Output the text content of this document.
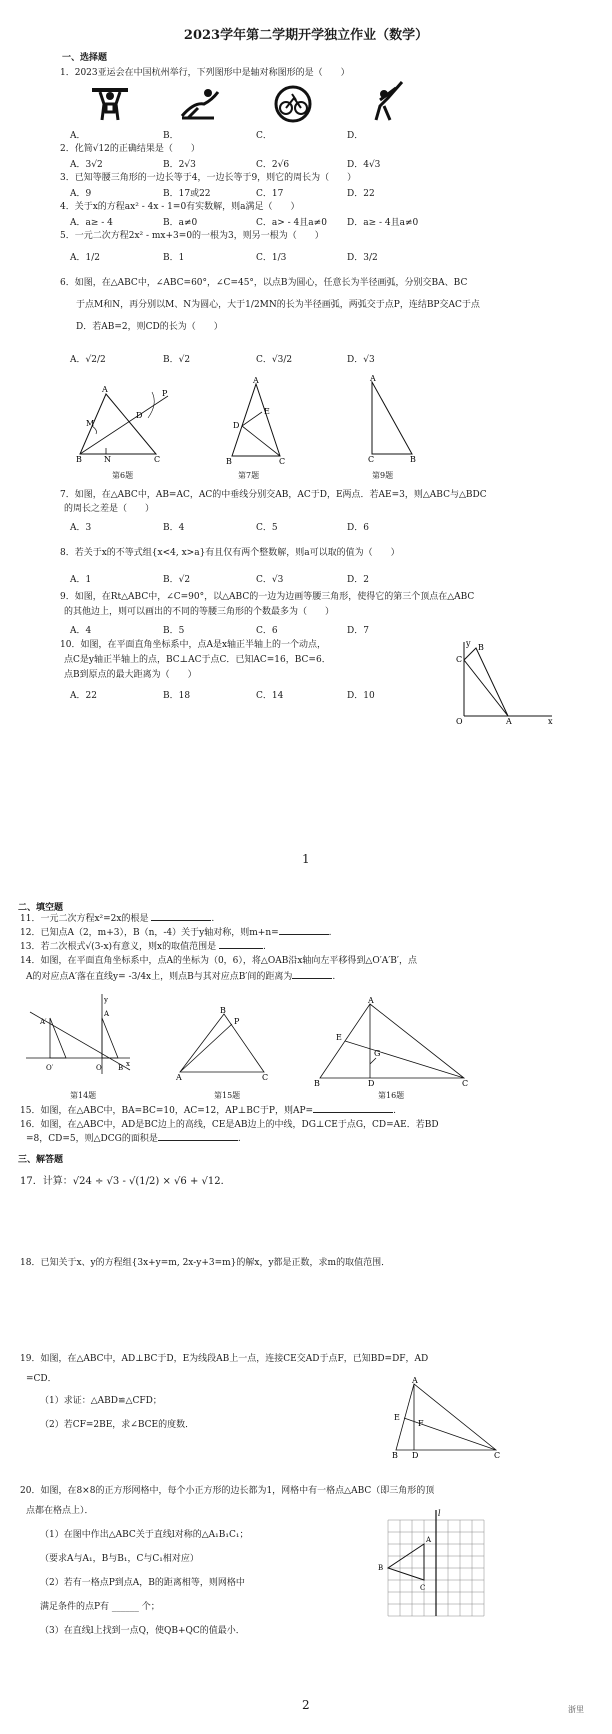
2023学年第二学期开学独立作业（数学）
一、选择题
1．2023亚运会在中国杭州举行，下列图形中是轴对称图形的是（　　）
A．	B．	C．	D．
2．化简√12的正确结果是（　　）
A．3√2	B．2√3	C．2√6	D．4√3
3．已知等腰三角形的一边长等于4，一边长等于9，则它的周长为（　　）
A．9	B．17或22	C．17	D．22
4．关于x的方程ax² - 4x - 1=0有实数解，则a满足（　　）
A．a≥ - 4	B．a≠0	C．a> - 4且a≠0 D．a≥ - 4且a≠0
5．一元二次方程2x² - mx+3=0的一根为3，则另一根为（　　）
A．1/2	B．1	C．1/3	D．3/2
6．如图，在△ABC中，∠ABC=60°，∠C=45°，以点B为圆心，任意长为半径画弧，分别交BA、BC
于点M和N，再分别以M、N为圆心，大于1/2MN的长为半径画弧，两弧交于点P，连结BP交AC于点
D．若AB=2，则CD的长为（　　）
A．√2/2	B．√2	C．√3/2	D．√3
A
B	C
M
N
P
D
A
B	C
D
E
A
C	B
第6题	第7题	第9题
7．如图，在△ABC中，AB=AC，AC的中垂线分别交AB，AC于D，E两点．若AE=3，则△ABC与△BDC
的周长之差是（　　）
A．3	B．4	C．5	D．6
8．若关于x的不等式组{x<4, x>a}有且仅有两个整数解，则a可以取的值为（　　）
A．1	B．√2	C．√3	D．2
9．如图，在Rt△ABC中，∠C=90°，以△ABC的一边为边画等腰三角形，使得它的第三个顶点在△ABC
的其他边上，则可以画出的不同的等腰三角形的个数最多为（　　）
A．4	B．5	C．6	D．7
10．如图，在平面直角坐标系中，点A是x轴正半轴上的一个动点，
点C是y轴正半轴上的点，BC⊥AC于点C．已知AC=16，BC=6．
点B到原点的最大距离为（　　）
A．22	B．18	C．14	D．10
C
B
A
O	x
y
1
二、填空题
11．一元二次方程x²=2x的根是	.
12．已知点A（2，m+3），B（n，-4）关于y轴对称，则m+n=	.
13．若二次根式√(3-x)有意义，则x的取值范围是	.
14．如图，在平面直角坐标系中，点A的坐标为（0，6），将△OAB沿x轴向左平移得到△O′A′B′，点
A的对应点A′落在直线y= -3/4x上，则点B与其对应点B′间的距离为	.
O′
A′
O
A
B x
y
B
P
A	C
A
B	C
D
E
G
第14题	第15题	第16题
15．如图，在△ABC中，BA=BC=10，AC=12，AP⊥BC于P，则AP=	.
16．如图，在△ABC中，AD是BC边上的高线，CE是AB边上的中线，DG⊥CE于点G，CD=AE．若BD
=8，CD=5，则△DCG的面积是	.
三、解答题
17．计算：√24 ÷ √3 - √(1/2) × √6 + √12．
18．已知关于x、y的方程组{3x+y=m, 2x-y+3=m}的解x，y都是正数，求m的取值范围．
19．如图，在△ABC中，AD⊥BC于D，E为线段AB上一点，连接CE交AD于点F，已知BD=DF，AD
=CD．
（1）求证：△ABD≌△CFD；
（2）若CF=2BE，求∠BCE的度数．
A
E
F
B D	C
20．如图，在8×8的正方形网格中，每个小正方形的边长都为1，网格中有一格点△ABC（即三角形的顶
点都在格点上）．
（1）在图中作出△ABC关于直线l对称的△A₁B₁C₁；
（要求A与A₁，B与B₁，C与C₁相对应）
（2）若有一格点P到点A，B的距离相等，则网格中
满足条件的点P有 ______ 个；
（3）在直线l上找到一点Q，使QB+QC的值最小．
l
A
B
C
2	浙里
